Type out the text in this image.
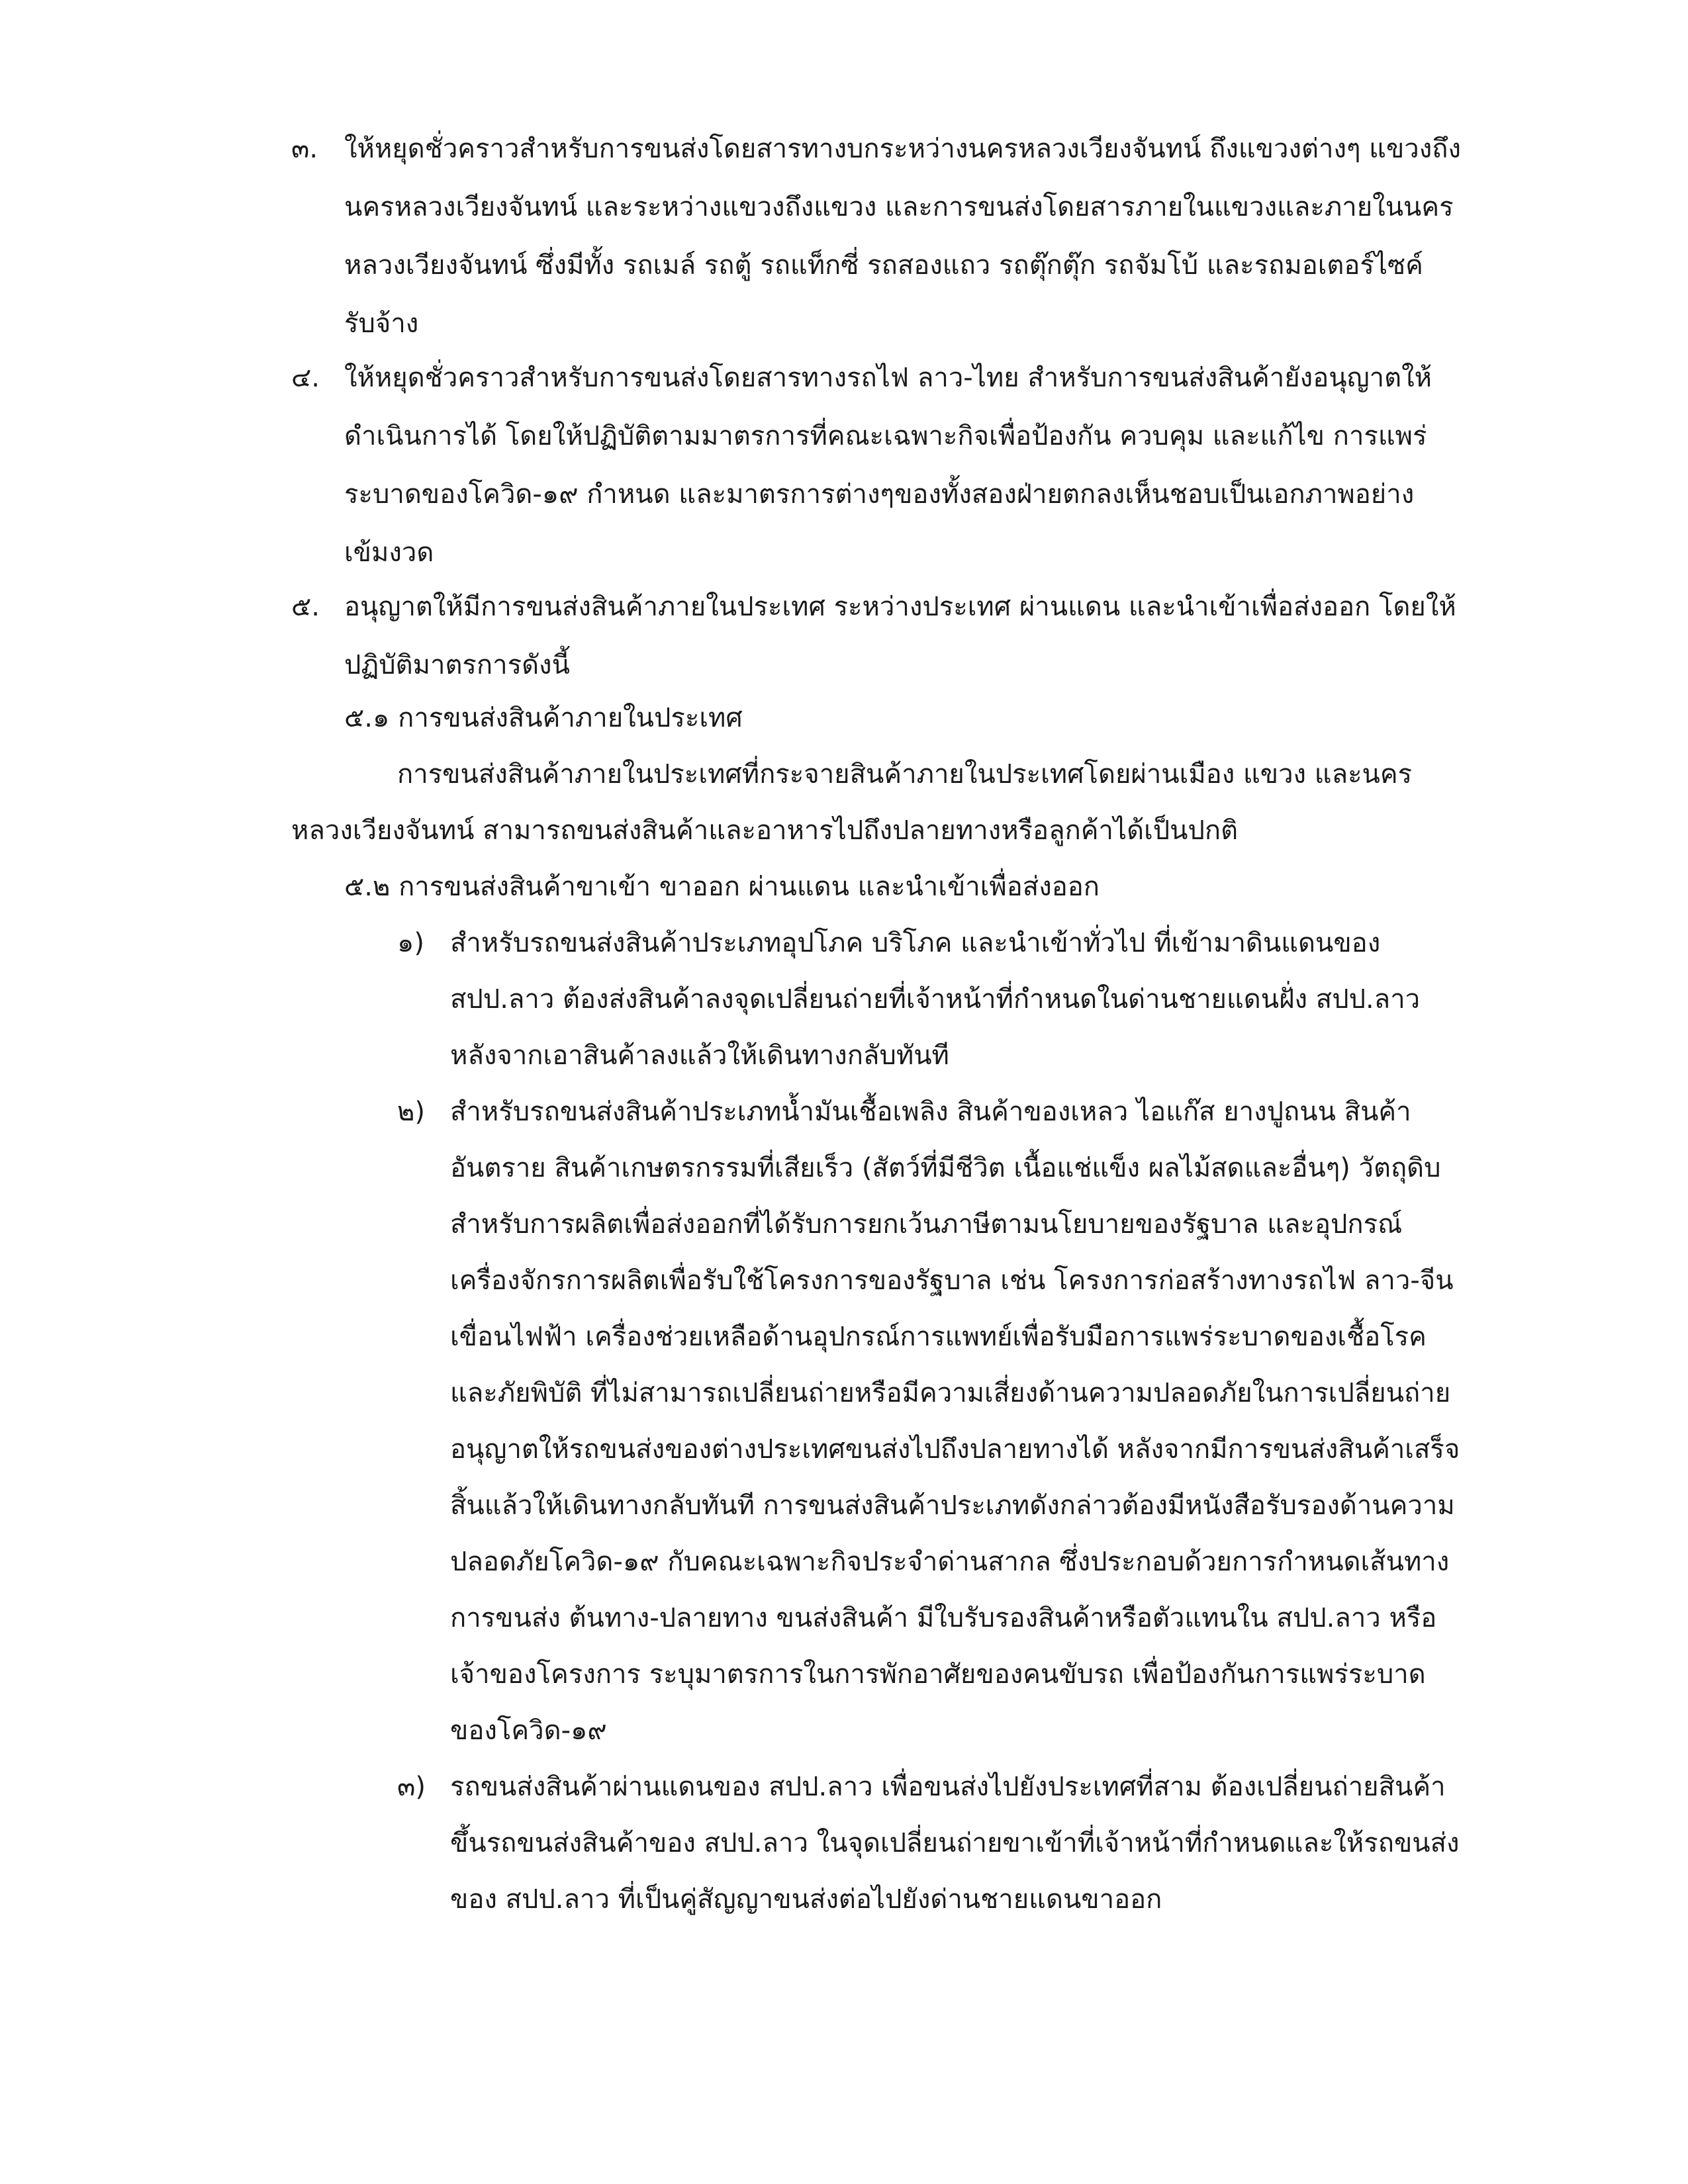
๓. ให้หยุดชั่วคราวสำหรับการขนส่งโดยสารทางบกระหว่างนครหลวงเวียงจันทน์ ถึงแขวงต่างๆ แขวงถึง
นครหลวงเวียงจันทน์ และระหว่างแขวงถึงแขวง และการขนส่งโดยสารภายในแขวงและภายในนคร
หลวงเวียงจันทน์ ซึ่งมีทั้ง รถเมล์ รถตู้ รถแท็กซี่ รถสองแถว รถตุ๊กตุ๊ก รถจัมโบ้ และรถมอเตอร์ไซค์
รับจ้าง
๔. ให้หยุดชั่วคราวสำหรับการขนส่งโดยสารทางรถไฟ ลาว-ไทย สำหรับการขนส่งสินค้ายังอนุญาตให้
ดำเนินการได้ โดยให้ปฏิบัติตามมาตรการที่คณะเฉพาะกิจเพื่อป้องกัน ควบคุม และแก้ไข การแพร่
ระบาดของโควิด-๑๙ กำหนด และมาตรการต่างๆของทั้งสองฝ่ายตกลงเห็นชอบเป็นเอกภาพอย่าง
เข้มงวด
๕. อนุญาตให้มีการขนส่งสินค้าภายในประเทศ ระหว่างประเทศ ผ่านแดน และนำเข้าเพื่อส่งออก โดยให้
ปฏิบัติมาตรการดังนี้
๕.๑ การขนส่งสินค้าภายในประเทศ
การขนส่งสินค้าภายในประเทศที่กระจายสินค้าภายในประเทศโดยผ่านเมือง แขวง และนคร
หลวงเวียงจันทน์ สามารถขนส่งสินค้าและอาหารไปถึงปลายทางหรือลูกค้าได้เป็นปกติ
๕.๒ การขนส่งสินค้าขาเข้า ขาออก ผ่านแดน และนำเข้าเพื่อส่งออก
๑) สำหรับรถขนส่งสินค้าประเภทอุปโภค บริโภค และนำเข้าทั่วไป ที่เข้ามาดินแดนของ
สปป.ลาว ต้องส่งสินค้าลงจุดเปลี่ยนถ่ายที่เจ้าหน้าที่กำหนดในด่านชายแดนฝั่ง สปป.ลาว
หลังจากเอาสินค้าลงแล้วให้เดินทางกลับทันที
๒) สำหรับรถขนส่งสินค้าประเภทน้ำมันเชื้อเพลิง สินค้าของเหลว ไอแก๊ส ยางปูถนน สินค้า
อันตราย สินค้าเกษตรกรรมที่เสียเร็ว (สัตว์ที่มีชีวิต เนื้อแช่แข็ง ผลไม้สดและอื่นๆ) วัตถุดิบ
สำหรับการผลิตเพื่อส่งออกที่ได้รับการยกเว้นภาษีตามนโยบายของรัฐบาล และอุปกรณ์
เครื่องจักรการผลิตเพื่อรับใช้โครงการของรัฐบาล เช่น โครงการก่อสร้างทางรถไฟ ลาว-จีน
เขื่อนไฟฟ้า เครื่องช่วยเหลือด้านอุปกรณ์การแพทย์เพื่อรับมือการแพร่ระบาดของเชื้อโรค
และภัยพิบัติ ที่ไม่สามารถเปลี่ยนถ่ายหรือมีความเสี่ยงด้านความปลอดภัยในการเปลี่ยนถ่าย
อนุญาตให้รถขนส่งของต่างประเทศขนส่งไปถึงปลายทางได้ หลังจากมีการขนส่งสินค้าเสร็จ
สิ้นแล้วให้เดินทางกลับทันที การขนส่งสินค้าประเภทดังกล่าวต้องมีหนังสือรับรองด้านความ
ปลอดภัยโควิด-๑๙ กับคณะเฉพาะกิจประจำด่านสากล ซึ่งประกอบด้วยการกำหนดเส้นทาง
การขนส่ง ต้นทาง-ปลายทาง ขนส่งสินค้า มีใบรับรองสินค้าหรือตัวแทนใน สปป.ลาว หรือ
เจ้าของโครงการ ระบุมาตรการในการพักอาศัยของคนขับรถ เพื่อป้องกันการแพร่ระบาด
ของโควิด-๑๙
๓) รถขนส่งสินค้าผ่านแดนของ สปป.ลาว เพื่อขนส่งไปยังประเทศที่สาม ต้องเปลี่ยนถ่ายสินค้า
ขึ้นรถขนส่งสินค้าของ สปป.ลาว ในจุดเปลี่ยนถ่ายขาเข้าที่เจ้าหน้าที่กำหนดและให้รถขนส่ง
ของ สปป.ลาว ที่เป็นคู่สัญญาขนส่งต่อไปยังด่านชายแดนขาออก
